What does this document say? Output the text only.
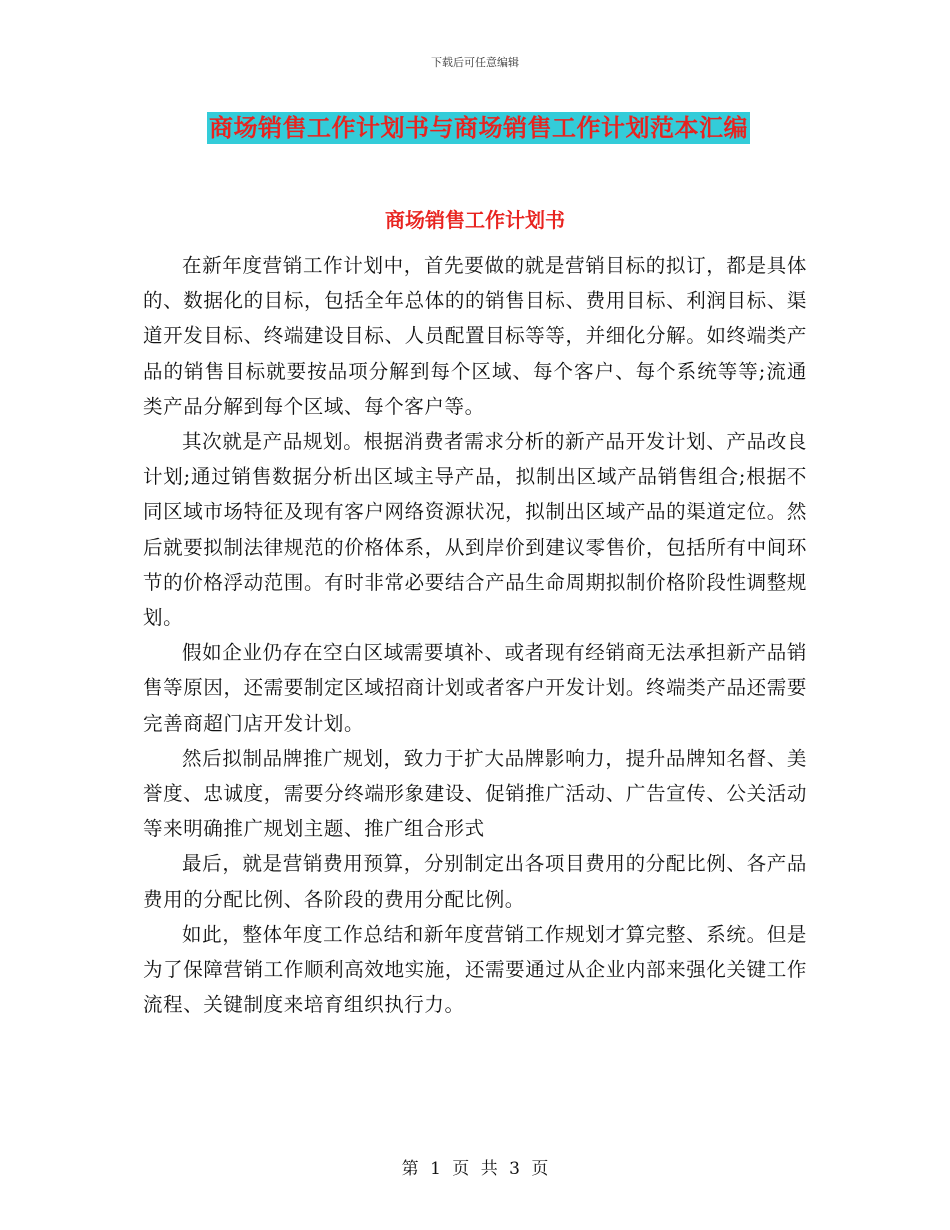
下载后可任意编辑
商场销售工作计划书与商场销售工作计划范本汇编
商场销售工作计划书

在新年度营销工作计划中，首先要做的就是营销目标的拟订，都是具体的、数据化的目标，包括全年总体的的销售目标、费用目标、利润目标、渠道开发目标、终端建设目标、人员配置目标等等，并细化分解。如终端类产品的销售目标就要按品项分解到每个区域、每个客户、每个系统等等;流通类产品分解到每个区域、每个客户等。

其次就是产品规划。根据消费者需求分析的新产品开发计划、产品改良计划;通过销售数据分析出区域主导产品，拟制出区域产品销售组合;根据不同区域市场特征及现有客户网络资源状况，拟制出区域产品的渠道定位。然后就要拟制法律规范的价格体系，从到岸价到建议零售价，包括所有中间环节的价格浮动范围。有时非常必要结合产品生命周期拟制价格阶段性调整规划。

假如企业仍存在空白区域需要填补、或者现有经销商无法承担新产品销售等原因，还需要制定区域招商计划或者客户开发计划。终端类产品还需要完善商超门店开发计划。

然后拟制品牌推广规划，致力于扩大品牌影响力，提升品牌知名督、美誉度、忠诚度，需要分终端形象建设、促销推广活动、广告宣传、公关活动等来明确推广规划主题、推广组合形式

最后，就是营销费用预算，分别制定出各项目费用的分配比例、各产品费用的分配比例、各阶段的费用分配比例。

如此，整体年度工作总结和新年度营销工作规划才算完整、系统。但是为了保障营销工作顺利高效地实施，还需要通过从企业内部来强化关键工作流程、关键制度来培育组织执行力。

第 1 页 共 3 页
